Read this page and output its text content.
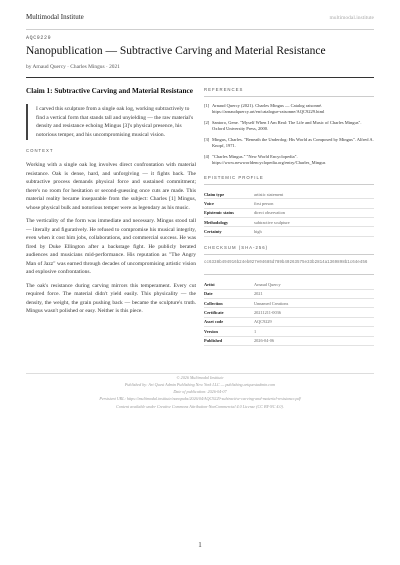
Multimodal Institute	multimodal.institute
AQC9229
Nanopublication — Subtractive Carving and Material Resistance
by Arnaud Quercy · Charles Mingus · 2021
Claim 1: Subtractive Carving and Material Resistance
I carved this sculpture from a single oak log, working subtractively to find a vertical form that stands tall and unyielding — the raw material's density and resistance echoing Mingus [3]'s physical presence, his notorious temper, and his uncompromising musical vision.
CONTEXT

Working with a single oak log involves direct confrontation with material resistance. Oak is dense, hard, and unforgiving — it fights back. The subtractive process demands physical force and sustained commitment; there's no room for hesitation or second-guessing once cuts are made. This material reality became inseparable from the subject: Charles [1] Mingus, whose physical bulk and notorious temper were as legendary as his music.

The verticality of the form was immediate and necessary. Mingus stood tall — literally and figuratively. He refused to compromise his musical integrity, even when it cost him jobs, collaborations, and commercial success. He was fired by Duke Ellington after a backstage fight. He publicly berated audiences and musicians mid-performance. His reputation as "The Angry Man of Jazz" was earned through decades of uncompromising artistic vision and explosive confrontations.

The oak's resistance during carving mirrors this temperament. Every cut required force. The material didn't yield easily. This physicality — the density, the weight, the grain pushing back — became the sculpture's truth. Mingus wasn't polished or easy. Neither is this piece.

REFERENCES
[1] Arnaud Quercy (2021). Charles Mingus — Catalog raisonné. https://arnaudquercy.art/en/catalogue-raisonne/AQC9229.html
[2] Santoro, Gene. "Myself When I Am Real: The Life and Music of Charles Mingus". Oxford University Press, 2000.
[3] Mingus, Charles. "Beneath the Underdog: His World as Composed by Mingus". Alfred A. Knopf, 1971.
[4] "Charles Mingus." "New World Encyclopedia". https://www.newworldencyclopedia.org/entry/Charles_Mingus
EPISTEMIC PROFILE
Claim type	artistic statement
Voice	first person
Epistemic status	direct observation
Methodology	subtractive sculpture
Certainty	high
CHECKSUM (SHA-256)
cc6338b494916b24eb027e04685d789b40263575e33b2814a1369898b1c64e456
Artist	Arnaud Quercy
Date	2021
Collection	Unnamed Creations
Certificate	20211211-0036
Asset code	AQC9229
Version	1
Published	2026-04-06
© 2026 Multimodal Institute
Published by: Art Quest Admin Publishing New York LLC — publishing.artquestadmin.com
Date of publication: 2026-04-07
Persistent URL: https://multimodal.institute/nanopubs/2026/04/AQC9229-subtractive-carving-and-material-resistance.pdf
Content available under Creative Commons Attribution-NonCommercial 4.0 License (CC BY-NC 4.0).
1
